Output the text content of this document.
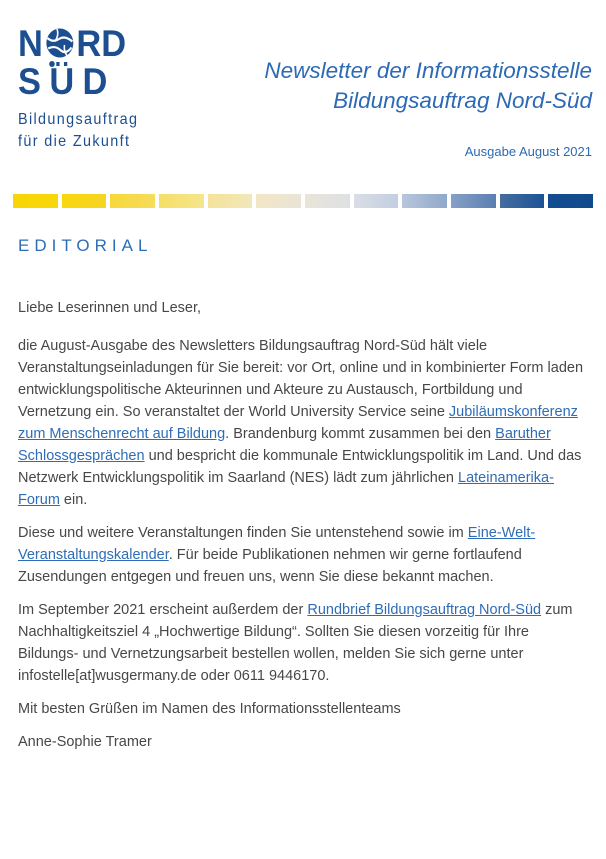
N RD
SÜD
Bildungsauftrag
für die Zukunft
Newsletter der Informationsstelle
Bildungsauftrag Nord-Süd
Ausgabe August 2021
EDITORIAL

Liebe Leserinnen und Leser,

die August-Ausgabe des Newsletters Bildungsauftrag Nord-Süd hält viele Veranstaltungseinladungen für Sie bereit: vor Ort, online und in kombinierter Form laden entwicklungspolitische Akteurinnen und Akteure zu Austausch, Fortbildung und Vernetzung ein. So veranstaltet der World University Service seine Jubiläumskonferenz zum Menschenrecht auf Bildung. Brandenburg kommt zusammen bei den Baruther Schlossgesprächen und bespricht die kommunale Entwicklungspolitik im Land. Und das Netzwerk Entwicklungspolitik im Saarland (NES) lädt zum jährlichen Lateinamerika-Forum ein.

Diese und weitere Veranstaltungen finden Sie untenstehend sowie im Eine-Welt-Veranstaltungskalender. Für beide Publikationen nehmen wir gerne fortlaufend Zusendungen entgegen und freuen uns, wenn Sie diese bekannt machen.

Im September 2021 erscheint außerdem der Rundbrief Bildungsauftrag Nord-Süd zum Nachhaltigkeitsziel 4 „Hochwertige Bildung“. Sollten Sie diesen vorzeitig für Ihre Bildungs- und Vernetzungsarbeit bestellen wollen, melden Sie sich gerne unter infostelle[at]wusgermany.de oder 0611 9446170.

Mit besten Grüßen im Namen des Informationsstellenteams

Anne-Sophie Tramer
